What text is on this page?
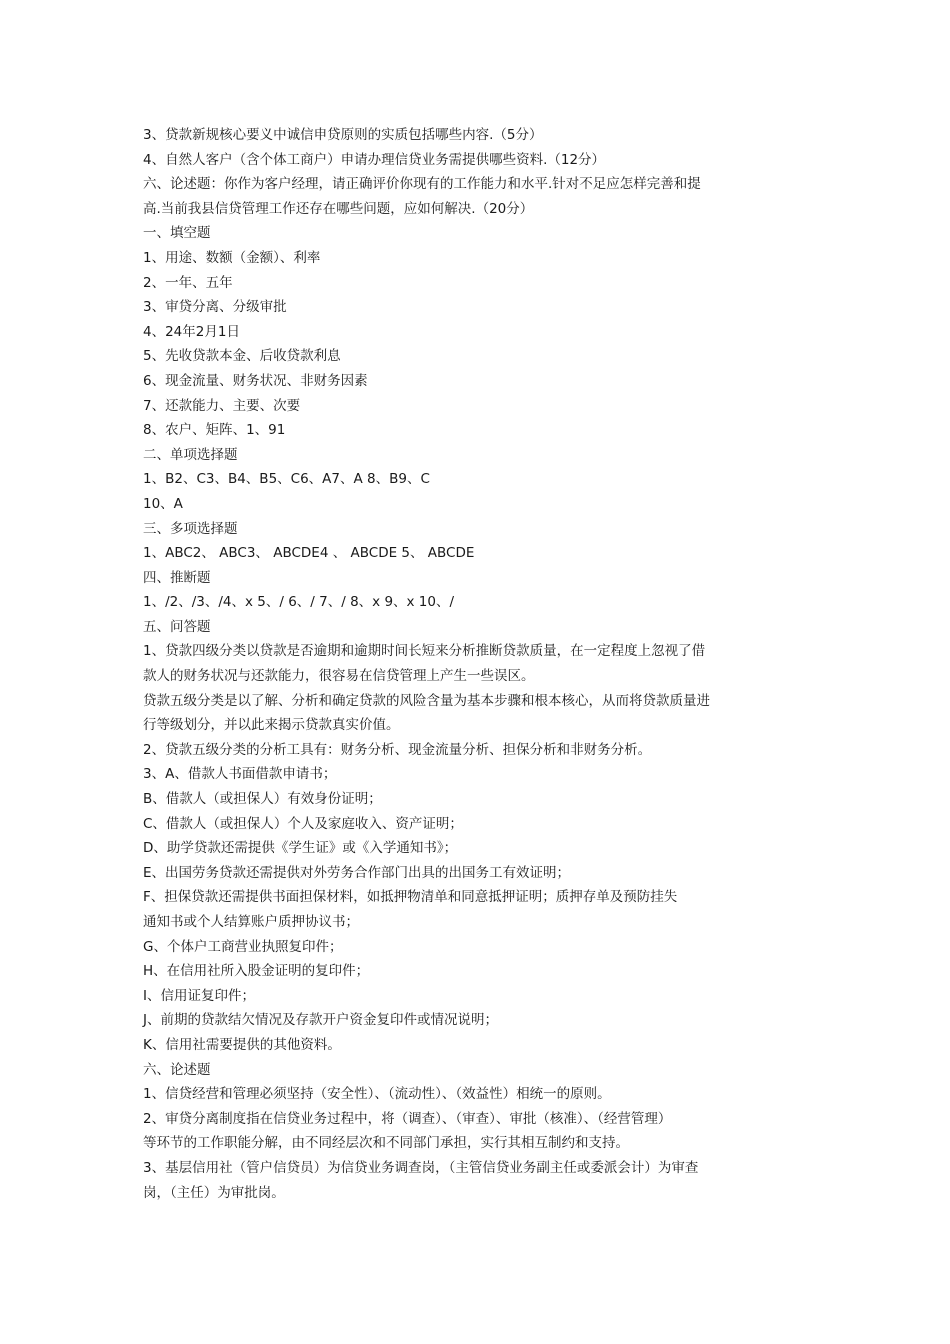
3、贷款新规核心要义中诚信申贷原则的实质包括哪些内容.（5分）
4、自然人客户（含个体工商户）申请办理信贷业务需提供哪些资料.（12分）
六、论述题：你作为客户经理，请正确评价你现有的工作能力和水平.针对不足应怎样完善和提
高.当前我县信贷管理工作还存在哪些问题，应如何解决.（20分）
一、填空题
1、用途、数额（金额）、利率
2、一年、五年
3、审贷分离、分级审批
4、24年2月1日
5、先收贷款本金、后收贷款利息
6、现金流量、财务状况、非财务因素
7、还款能力、主要、次要
8、农户、矩阵、1、91
二、单项选择题
1、B2、C3、B4、B5、C6、A7、A 8、B9、C
10、A
三、多项选择题
1、ABC2、 ABC3、 ABCDE4 、 ABCDE 5、 ABCDE
四、推断题
1、/2、/3、/4、x 5、/ 6、/ 7、/ 8、x 9、x 10、/
五、问答题
1、贷款四级分类以贷款是否逾期和逾期时间长短来分析推断贷款质量，在一定程度上忽视了借
款人的财务状况与还款能力，很容易在信贷管理上产生一些误区。
贷款五级分类是以了解、分析和确定贷款的风险含量为基本步骤和根本核心，从而将贷款质量进
行等级划分，并以此来揭示贷款真实价值。
2、贷款五级分类的分析工具有：财务分析、现金流量分析、担保分析和非财务分析。
3、A、借款人书面借款申请书；
B、借款人（或担保人）有效身份证明；
C、借款人（或担保人）个人及家庭收入、资产证明；
D、助学贷款还需提供《学生证》或《入学通知书》；
E、出国劳务贷款还需提供对外劳务合作部门出具的出国务工有效证明；
F、担保贷款还需提供书面担保材料，如抵押物清单和同意抵押证明；质押存单及预防挂失
通知书或个人结算账户质押协议书；
G、个体户工商营业执照复印件；
H、在信用社所入股金证明的复印件；
I、信用证复印件；
J、前期的贷款结欠情况及存款开户资金复印件或情况说明；
K、信用社需要提供的其他资料。
六、论述题
1、信贷经营和管理必须坚持（安全性）、（流动性）、（效益性）相统一的原则。
2、审贷分离制度指在信贷业务过程中，将（调查）、（审查）、审批（核准）、（经营管理）
等环节的工作职能分解，由不同经层次和不同部门承担，实行其相互制约和支持。
3、基层信用社（管户信贷员）为信贷业务调查岗，（主管信贷业务副主任或委派会计）为审查
岗，（主任）为审批岗。
